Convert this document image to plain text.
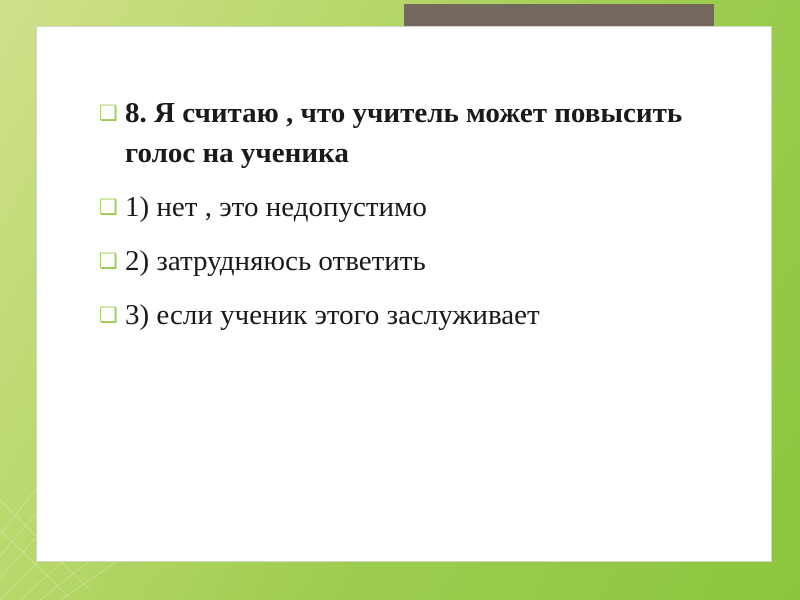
❑ 8. Я считаю , что учитель может повысить голос на ученика
❑ 1) нет , это недопустимо
❑ 2) затрудняюсь ответить
❑ 3) если ученик этого заслуживает
